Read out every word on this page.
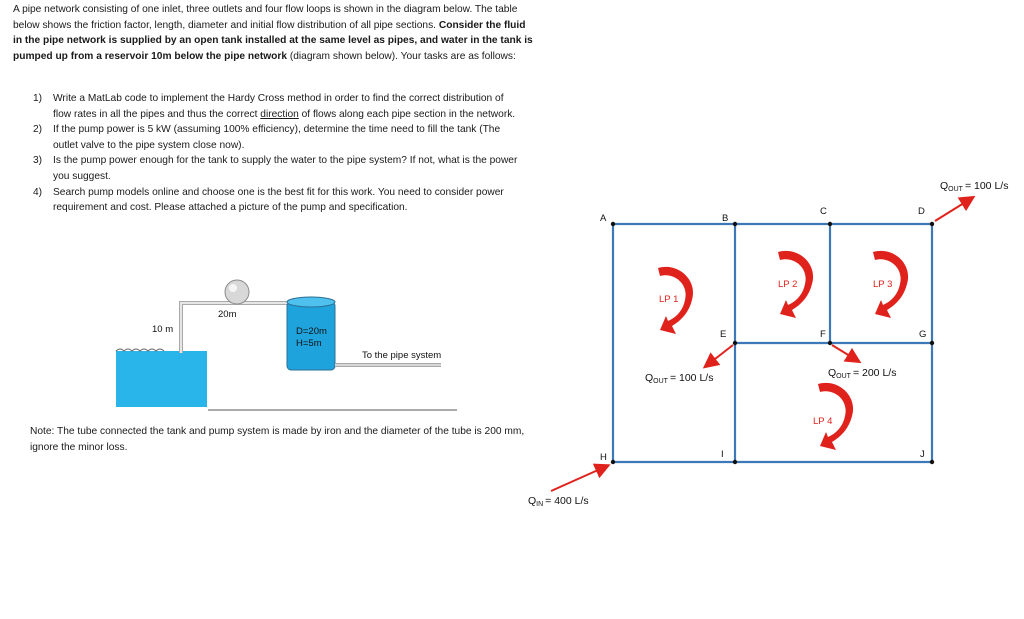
A pipe network consisting of one inlet, three outlets and four flow loops is shown in the diagram below. The table below shows the friction factor, length, diameter and initial flow distribution of all pipe sections. Consider the fluid in the pipe network is supplied by an open tank installed at the same level as pipes, and water in the tank is pumped up from a reservoir 10m below the pipe network (diagram shown below). Your tasks are as follows:
1) Write a MatLab code to implement the Hardy Cross method in order to find the correct distribution of flow rates in all the pipes and thus the correct direction of flows along each pipe section in the network.
2) If the pump power is 5 kW (assuming 100% efficiency), determine the time need to fill the tank (The outlet valve to the pipe system close now).
3) Is the pump power enough for the tank to supply the water to the pipe system? If not, what is the power you suggest.
4) Search pump models online and choose one is the best fit for this work. You need to consider power requirement and cost. Please attached a picture of the pump and specification.
20m
10 m	D=20m
H=5m
To the pipe system
Note: The tube connected the tank and pump system is made by iron and the diameter of the tube is 200 mm, ignore the minor loss.
A	B
C	D
E	F	G
H	I	J
LP 1
LP 2	LP 3
LP 4
QIN = 400 L/s
QOUT = 100 L/s
QOUT = 100 L/s	QOUT = 200 L/s
